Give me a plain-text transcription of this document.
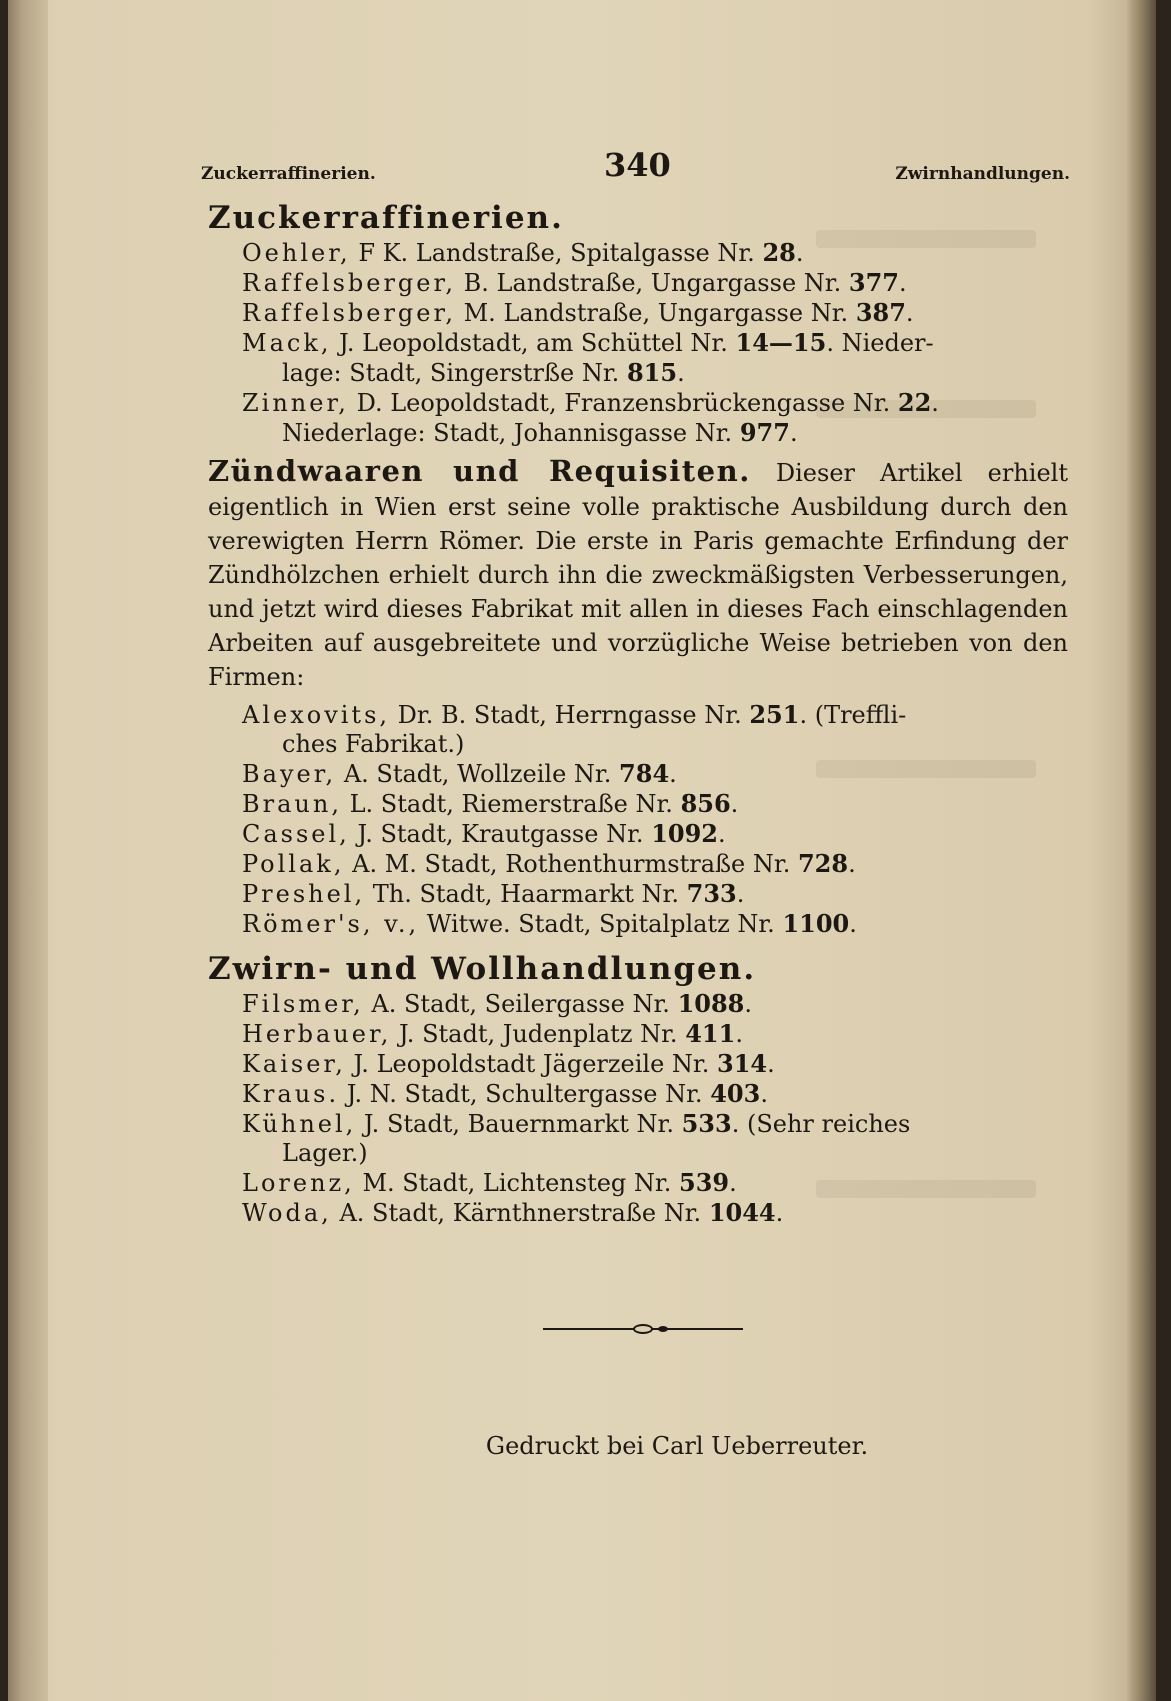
Zuckerraffinerien.	340	Zwirnhandlungen.
Zuckerraffinerien.
Oehler, F K. Landstraße, Spitalgasse Nr. 28.
Raffelsberger, B. Landstraße, Ungargasse Nr. 377.
Raffelsberger, M. Landstraße, Ungargasse Nr. 387.
Mack, J. Leopoldstadt, am Schüttel Nr. 14—15. Nieder-
lage: Stadt, Singerstrße Nr. 815.
Zinner, D. Leopoldstadt, Franzensbrückengasse Nr. 22.
Niederlage: Stadt, Johannisgasse Nr. 977.

Zündwaaren und Requisiten. Dieser Artikel erhielt eigentlich in Wien erst seine volle praktische Ausbildung durch den verewigten Herrn Römer. Die erste in Paris gemachte Erfindung der Zündhölzchen erhielt durch ihn die zweckmäßigsten Verbesserungen, und jetzt wird dieses Fabrikat mit allen in dieses Fach einschlagenden Arbeiten auf ausgebreitete und vorzügliche Weise betrieben von den Firmen:

Alexovits, Dr. B. Stadt, Herrngasse Nr. 251. (Treffli-
ches Fabrikat.)
Bayer, A. Stadt, Wollzeile Nr. 784.
Braun, L. Stadt, Riemerstraße Nr. 856.
Cassel, J. Stadt, Krautgasse Nr. 1092.
Pollak, A. M. Stadt, Rothenthurmstraße Nr. 728.
Preshel, Th. Stadt, Haarmarkt Nr. 733.
Römer's, v., Witwe. Stadt, Spitalplatz Nr. 1100.
Zwirn- und Wollhandlungen.
Filsmer, A. Stadt, Seilergasse Nr. 1088.
Herbauer, J. Stadt, Judenplatz Nr. 411.
Kaiser, J. Leopoldstadt Jägerzeile Nr. 314.
Kraus. J. N. Stadt, Schultergasse Nr. 403.
Kühnel, J. Stadt, Bauernmarkt Nr. 533. (Sehr reiches
Lager.)
Lorenz, M. Stadt, Lichtensteg Nr. 539.
Woda, A. Stadt, Kärnthnerstraße Nr. 1044.
Gedruckt bei Carl Ueberreuter.
